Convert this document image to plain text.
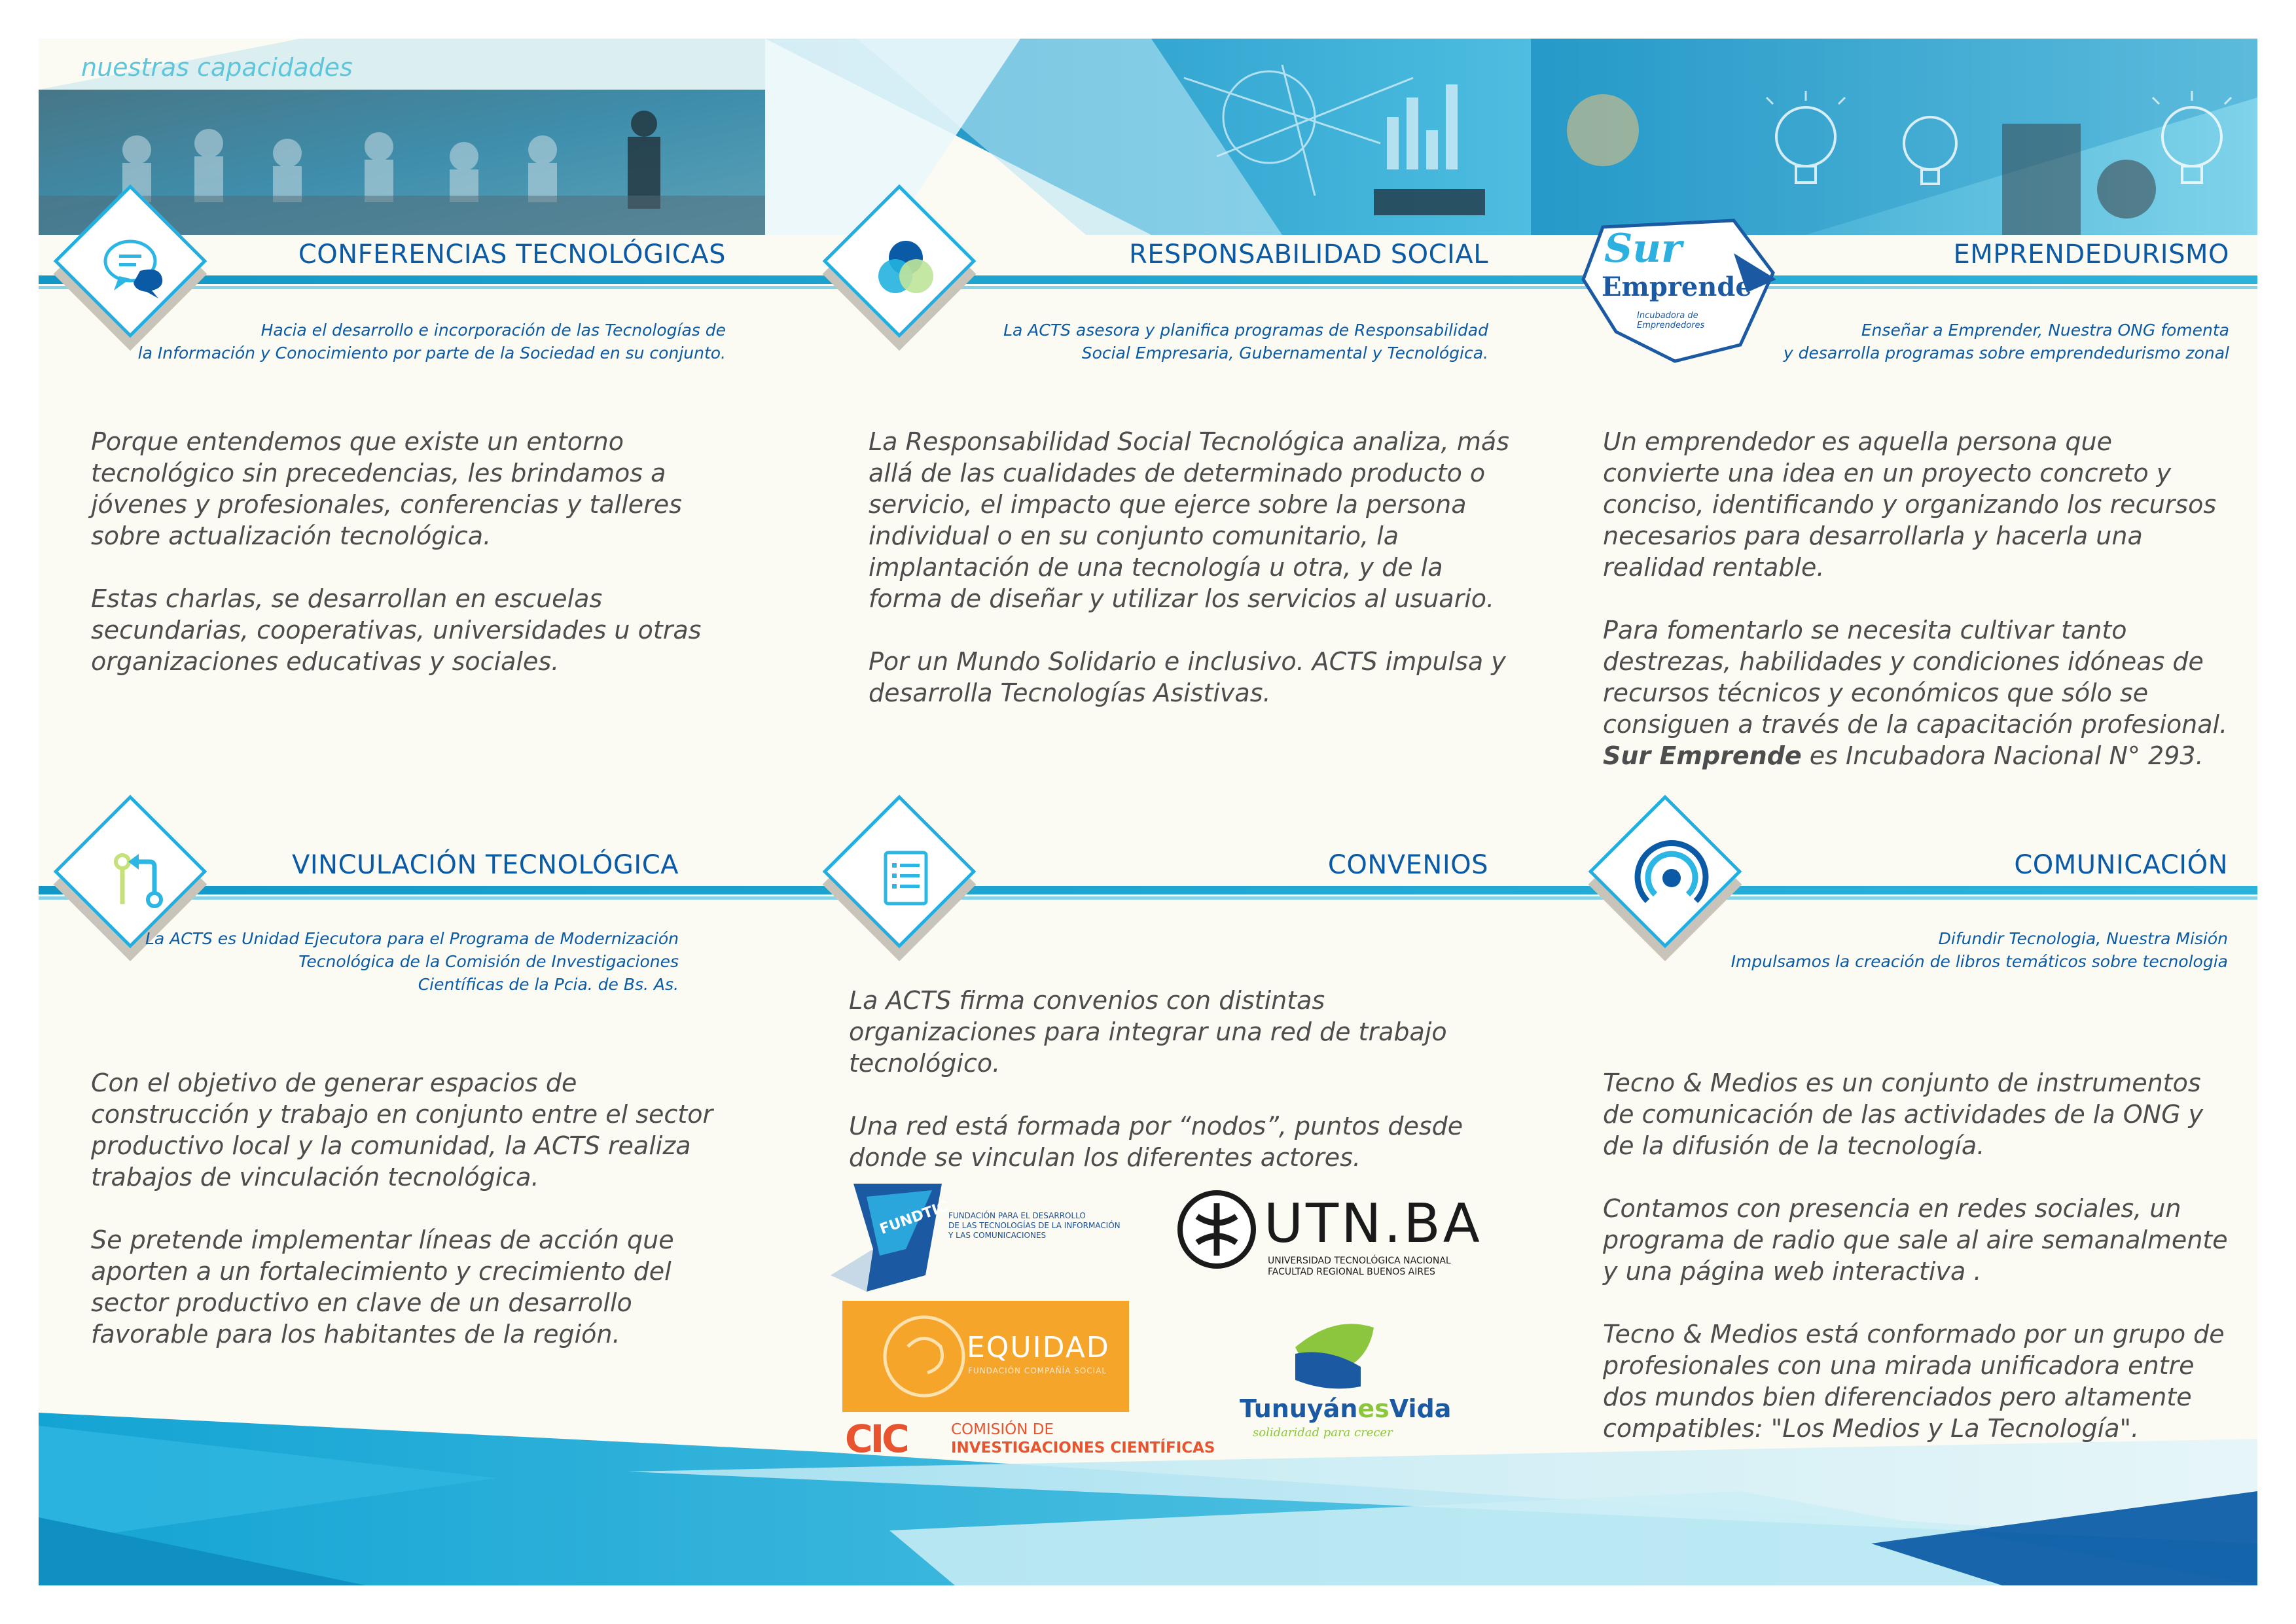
nuestras capacidades
CONFERENCIAS TECNOLÓGICAS
Hacia el desarrollo e incorporación de las Tecnologías de
la Información y Conocimiento por parte de la Sociedad en su conjunto.

Porque entendemos que existe un entorno tecnológico sin precedencias, les brindamos a jóvenes y profesionales, conferencias y talleres sobre actualización tecnológica.

Estas charlas, se desarrollan en escuelas secundarias, cooperativas, universidades u otras organizaciones educativas y sociales.

RESPONSABILIDAD SOCIAL
La ACTS asesora y planifica programas de Responsabilidad
Social Empresaria, Gubernamental y Tecnológica.

La Responsabilidad Social Tecnológica analiza, más allá de las cualidades de determinado producto o servicio, el impacto que ejerce sobre la persona individual o en su conjunto comunitario, la implantación de una tecnología u otra, y de la forma de diseñar y utilizar los servicios al usuario.

Por un Mundo Solidario e inclusivo. ACTS impulsa y desarrolla Tecnologías Asistivas.

Sur
Emprende
Incubadora de Emprendedores
EMPRENDEDURISMO
Enseñar a Emprender, Nuestra ONG fomenta
y desarrolla programas sobre emprendedurismo zonal

Un emprendedor es aquella persona que convierte una idea en un proyecto concreto y conciso, identificando y organizando los recursos necesarios para desarrollarla y hacerla una realidad rentable.

Para fomentarlo se necesita cultivar tanto destrezas, habilidades y condiciones idóneas de recursos técnicos y económicos que sólo se consiguen a través de la capacitación profesional.
Sur Emprende es Incubadora Nacional N° 293.

VINCULACIÓN TECNOLÓGICA
La ACTS es Unidad Ejecutora para el Programa de Modernización
Tecnológica de la Comisión de Investigaciones
Científicas de la Pcia. de Bs. As.

Con el objetivo de generar espacios de construcción y trabajo en conjunto entre el sector productivo local y la comunidad, la ACTS realiza trabajos de vinculación tecnológica.

Se pretende implementar líneas de acción que aporten a un fortalecimiento y crecimiento del sector productivo en clave de un desarrollo favorable para los habitantes de la región.

CONVENIOS

La ACTS firma convenios con distintas organizaciones para integrar una red de trabajo tecnológico.

Una red está formada por “nodos”, puntos desde donde se vinculan los diferentes actores.

FUNDTIC
FUNDACIÓN PARA EL DESARROLLO
DE LAS TECNOLOGÍAS DE LA INFORMACIÓN
Y LAS COMUNICACIONES	UTN.BA
UNIVERSIDAD TECNOLÓGICA NACIONAL
FACULTAD REGIONAL BUENOS AIRES
EQUIDAD
FUNDACIÓN COMPAÑÍA SOCIAL
TunuyánesVida
solidaridad para crecer
CIC	COMISIÓN DE
INVESTIGACIONES CIENTÍFICAS
COMUNICACIÓN
Difundir Tecnologia, Nuestra Misión
Impulsamos la creación de libros temáticos sobre tecnologia

Tecno & Medios es un conjunto de instrumentos de comunicación de las actividades de la ONG y de la difusión de la tecnología.

Contamos con presencia en redes sociales, un programa de radio que sale al aire semanalmente y una página web interactiva .

Tecno & Medios está conformado por un grupo de profesionales con una mirada unificadora entre dos mundos bien diferenciados pero altamente compatibles: "Los Medios y La Tecnología".
